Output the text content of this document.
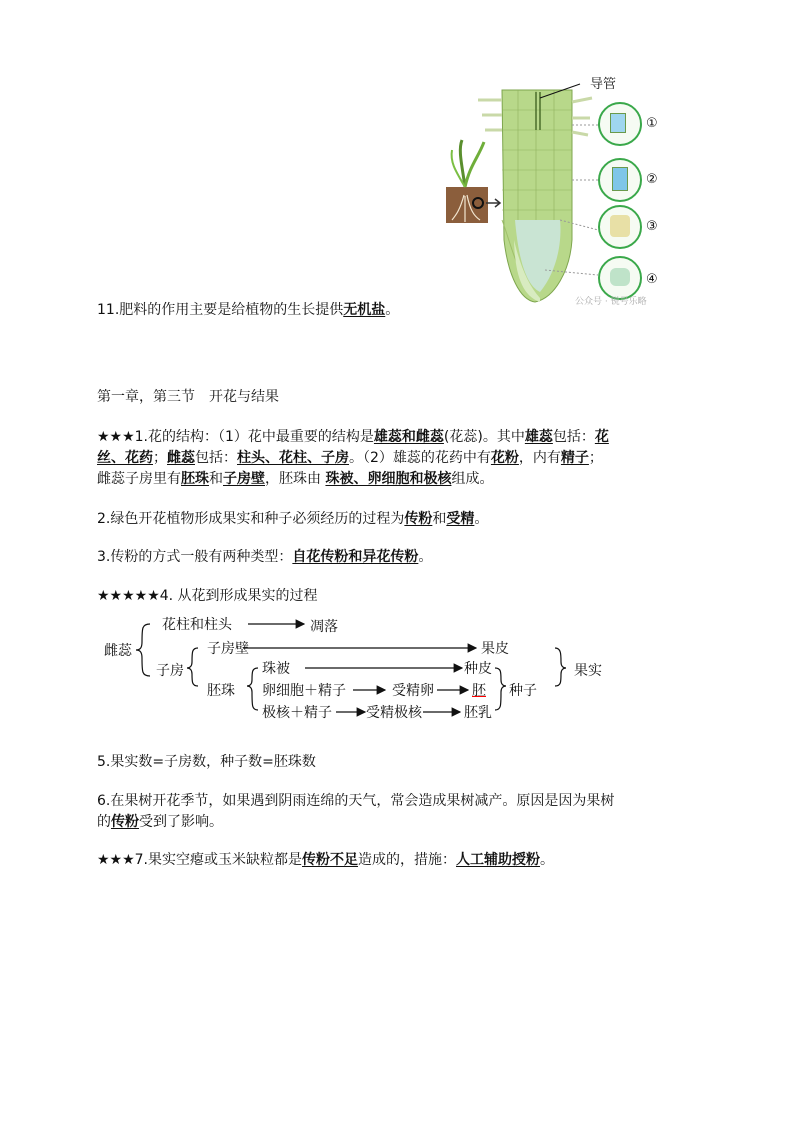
导管
①
②
③
④
公众号 · 锐号乐略
11.肥料的作用主要是给植物的生长提供无机盐。
第一章，第三节　开花与结果
★★★1.花的结构：（1）花中最重要的结构是雄蕊和雌蕊(花蕊)。其中雄蕊包括：花
丝、花药；雌蕊包括：柱头、花柱、子房。（2）雄蕊的花药中有花粉，内有精子；
雌蕊子房里有胚珠和子房壁，胚珠由 珠被、卵细胞和极核组成。
2.绿色开花植物形成果实和种子必须经历的过程为传粉和受精。
3.传粉的方式一般有两种类型：自花传粉和异花传粉。
★★★★★4. 从花到形成果实的过程
雌蕊
花柱和柱头	凋落
子房
子房壁	果皮
果实
胚珠
珠被	种皮
卵细胞＋精子	受精卵	胚 种子
极核＋精子 受精极核	胚乳
5.果实数=子房数，种子数=胚珠数
6.在果树开花季节，如果遇到阴雨连绵的天气，常会造成果树减产。原因是因为果树
的传粉受到了影响。
★★★7.果实空瘪或玉米缺粒都是传粉不足造成的，措施：人工辅助授粉。
